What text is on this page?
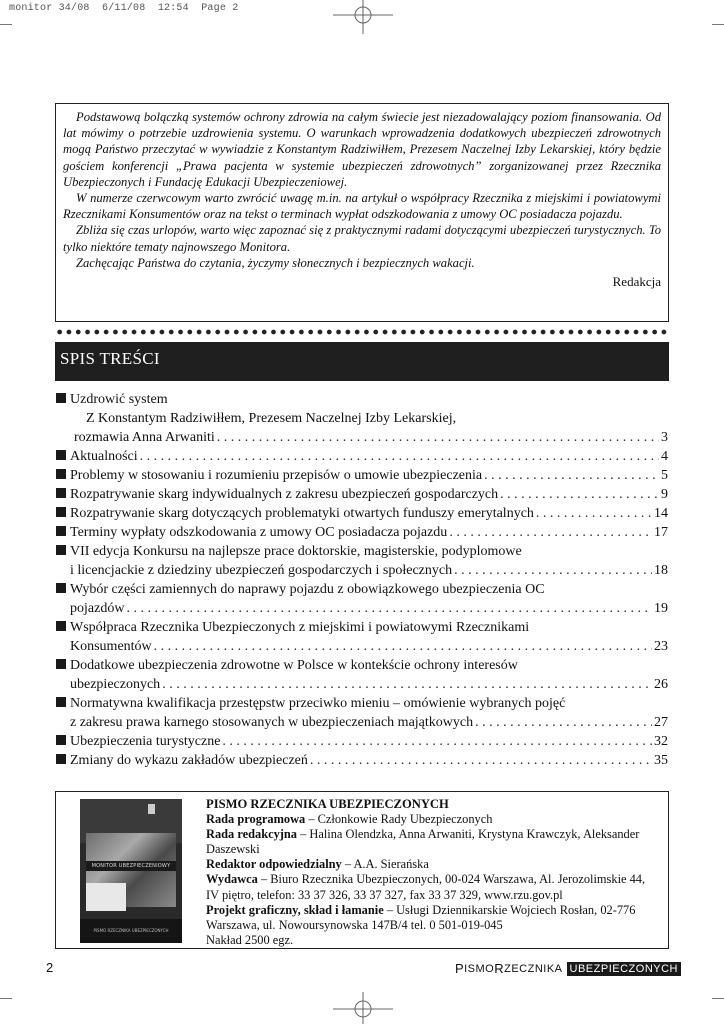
monitor 34/08  6/11/08  12:54  Page 2

Podstawową bolączką systemów ochrony zdrowia na całym świecie jest niezadowalający poziom finansowania. Od lat mówimy o potrzebie uzdrowienia systemu. O warunkach wprowadzenia dodatkowych ubezpieczeń zdrowotnych mogą Państwo przeczytać w wywiadzie z Konstantym Radziwiłłem, Prezesem Naczelnej Izby Lekarskiej, który będzie gościem konferencji „Prawa pacjenta w systemie ubezpieczeń zdrowotnych” zorganizowanej przez Rzecznika Ubezpieczonych i Fundację Edukacji Ubezpieczeniowej.

W numerze czerwcowym warto zwrócić uwagę m.in. na artykuł o współpracy Rzecznika z miejskimi i powiatowymi Rzecznikami Konsumentów oraz na tekst o terminach wypłat odszkodowania z umowy OC posiadacza pojazdu.

Zbliża się czas urlopów, warto więc zapoznać się z praktycznymi radami dotyczącymi ubezpieczeń turystycznych. To tylko niektóre tematy najnowszego Monitora.

Zachęcając Państwa do czytania, życzymy słonecznych i bezpiecznych wakacji.

Redakcja

SPIS TREŚCI
Uzdrowić system
Z Konstantym Radziwiłłem, Prezesem Naczelnej Izby Lekarskiej,
rozmawia Anna Arwaniti . . .	3
Aktualności . . .	4
Problemy w stosowaniu i rozumieniu przepisów o umowie ubezpieczenia . . .	5
Rozpatrywanie skarg indywidualnych z zakresu ubezpieczeń gospodarczych . . .	9
Rozpatrywanie skarg dotyczących problematyki otwartych funduszy emerytalnych . . .	14
Terminy wypłaty odszkodowania z umowy OC posiadacza pojazdu . . .	17
VII edycja Konkursu na najlepsze prace doktorskie, magisterskie, podyplomowe
i licencjackie z dziedziny ubezpieczeń gospodarczych i społecznych . . .	18
Wybór części zamiennych do naprawy pojazdu z obowiązkowego ubezpieczenia OC
pojazdów . . .	19
Współpraca Rzecznika Ubezpieczonych z miejskimi i powiatowymi Rzecznikami
Konsumentów . . .	23
Dodatkowe ubezpieczenia zdrowotne w Polsce w kontekście ochrony interesów
ubezpieczonych . . .	26
Normatywna kwalifikacja przestępstw przeciwko mieniu – omówienie wybranych pojęć
z zakresu prawa karnego stosowanych w ubezpieczeniach majątkowych . . .	27
Ubezpieczenia turystyczne . . .	32
Zmiany do wykazu zakładów ubezpieczeń . . .	35
MONITOR UBEZPIECZENIOWY
PISMO RZECZNIKA UBEZPIECZONYCH
PISMO RZECZNIKA UBEZPIECZONYCH
Rada programowa – Członkowie Rady Ubezpieczonych
Rada redakcyjna – Halina Olendzka, Anna Arwaniti, Krystyna Krawczyk, Aleksander Daszewski
Redaktor odpowiedzialny – A.A. Sierańska
Wydawca – Biuro Rzecznika Ubezpieczonych, 00-024 Warszawa, Al. Jerozolimskie 44, IV piętro, telefon: 33 37 326, 33 37 327, fax 33 37 329, www.rzu.gov.pl
Projekt graficzny, skład i łamanie – Usługi Dziennikarskie Wojciech Rosłan, 02-776 Warszawa, ul. Nowoursynowska 147B/4 tel. 0 501-019-045
Nakład 2500 egz.
2	P ISMO R ZECZNIKA UBEZPIECZONYCH
